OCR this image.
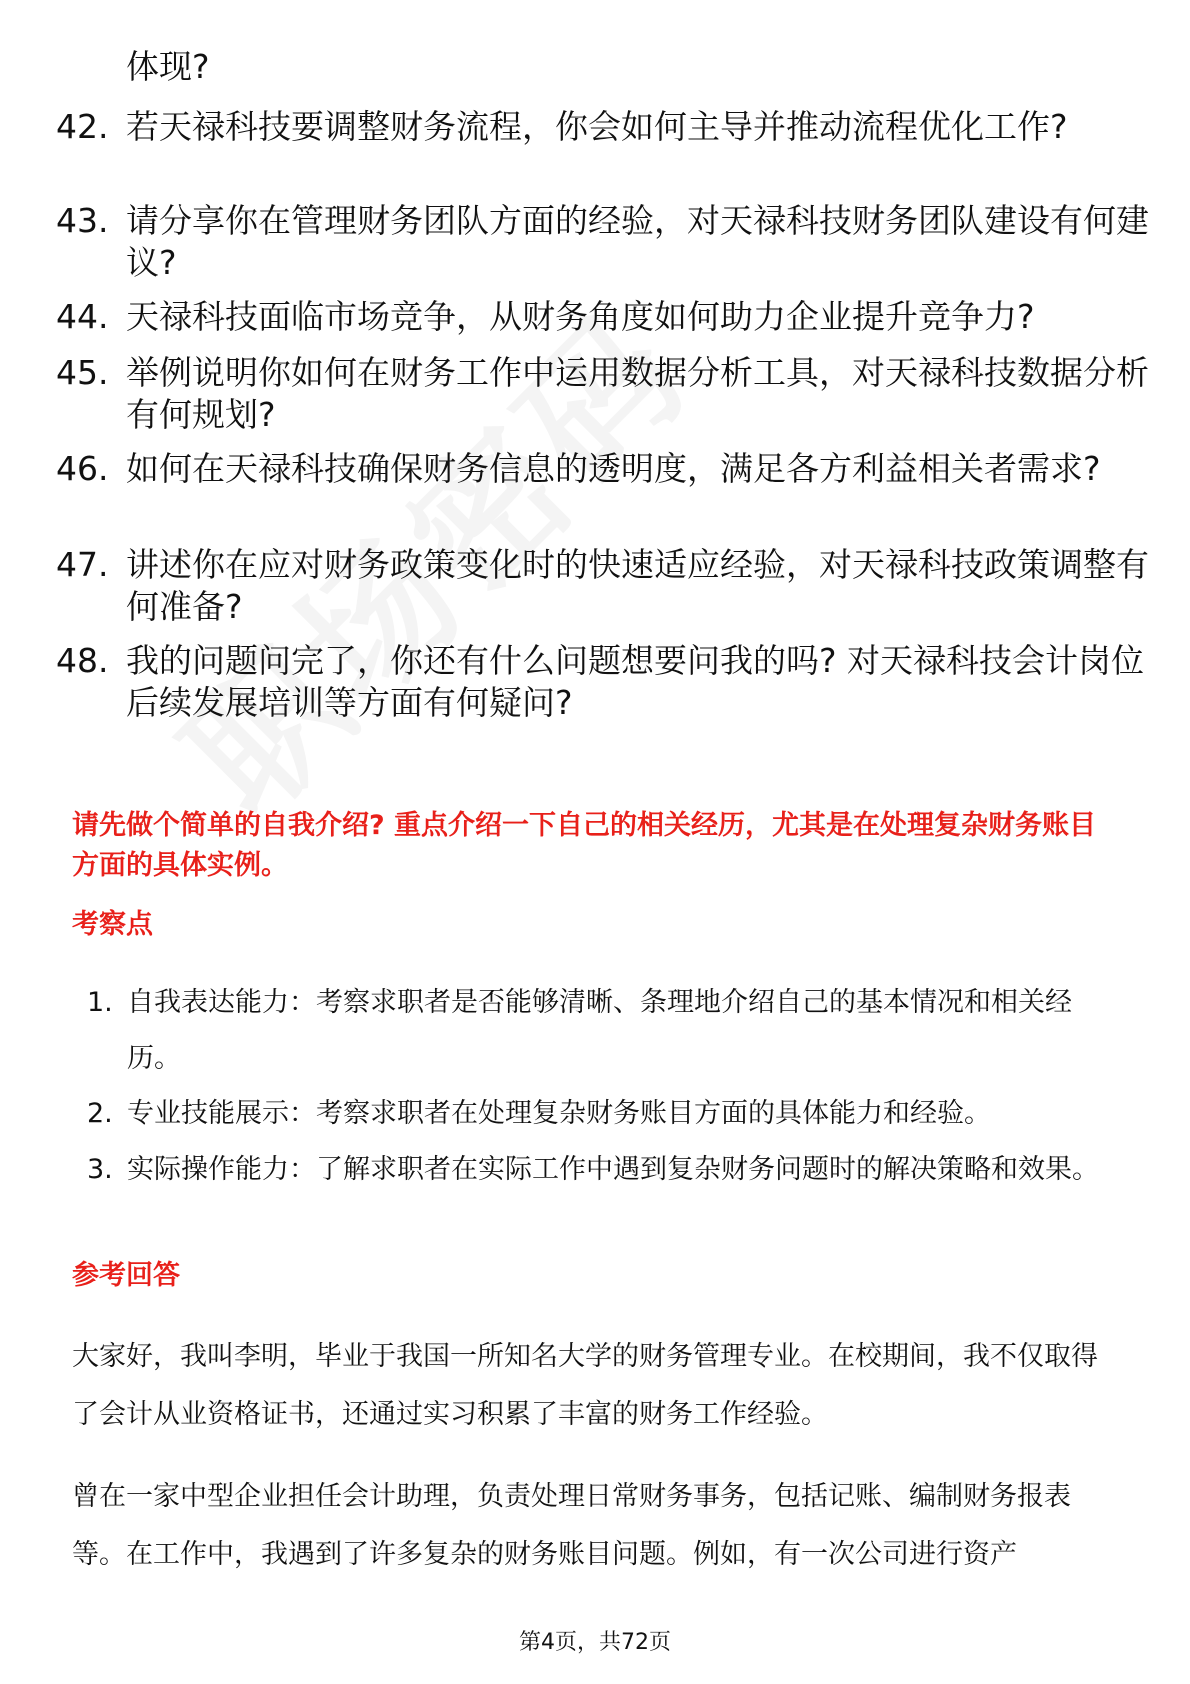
体现?
42. 若天禄科技要调整财务流程，你会如何主导并推动流程优化工作?
43. 请分享你在管理财务团队方面的经验，对天禄科技财务团队建设有何建议?
44. 天禄科技面临市场竞争，从财务角度如何助力企业提升竞争力?
45. 举例说明你如何在财务工作中运用数据分析工具，对天禄科技数据分析有何规划?
46. 如何在天禄科技确保财务信息的透明度，满足各方利益相关者需求?
47. 讲述你在应对财务政策变化时的快速适应经验，对天禄科技政策调整有何准备?
48. 我的问题问完了，你还有什么问题想要问我的吗? 对天禄科技会计岗位后续发展培训等方面有何疑问?
请先做个简单的自我介绍? 重点介绍一下自己的相关经历，尤其是在处理复杂财务账目方面的具体实例。
考察点
1. 自我表达能力：考察求职者是否能够清晰、条理地介绍自己的基本情况和相关经历。
2. 专业技能展示：考察求职者在处理复杂财务账目方面的具体能力和经验。
3. 实际操作能力：了解求职者在实际工作中遇到复杂财务问题时的解决策略和效果。
参考回答
大家好，我叫李明，毕业于我国一所知名大学的财务管理专业。在校期间，我不仅取得了会计从业资格证书，还通过实习积累了丰富的财务工作经验。
曾在一家中型企业担任会计助理，负责处理日常财务事务，包括记账、编制财务报表等。在工作中，我遇到了许多复杂的财务账目问题。例如，有一次公司进行资产
第4页，共72页
